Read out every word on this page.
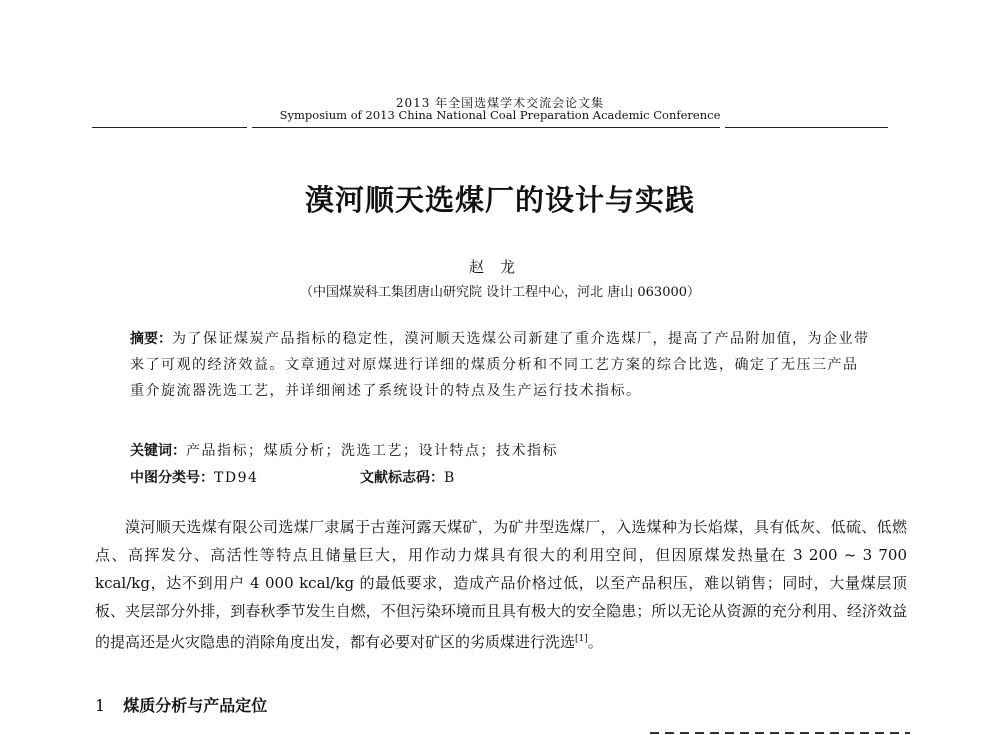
2013 年全国选煤学术交流会论文集
Symposium of 2013 China National Coal Preparation Academic Conference
漠河顺天选煤厂的设计与实践
赵龙
（中国煤炭科工集团唐山研究院 设计工程中心，河北 唐山 063000）
摘要：为了保证煤炭产品指标的稳定性，漠河顺天选煤公司新建了重介选煤厂，提高了产品附加值，为企业带来了可观的经济效益。文章通过对原煤进行详细的煤质分析和不同工艺方案的综合比选，确定了无压三产品重介旋流器洗选工艺，并详细阐述了系统设计的特点及生产运行技术指标。
关键词：产品指标；煤质分析；洗选工艺；设计特点；技术指标
中图分类号：TD94	文献标志码：B
漠河顺天选煤有限公司选煤厂隶属于古莲河露天煤矿，为矿井型选煤厂，入选煤种为长焰煤，具有低灰、低硫、低燃点、高挥发分、高活性等特点且储量巨大，用作动力煤具有很大的利用空间，但因原煤发热量在 3 200 ~ 3 700 kcal/kg，达不到用户 4 000 kcal/kg 的最低要求，造成产品价格过低，以至产品积压，难以销售；同时，大量煤层顶板、夹层部分外排，到春秋季节发生自燃，不但污染环境而且具有极大的安全隐患；所以无论从资源的充分利用、经济效益的提高还是火灾隐患的消除角度出发，都有必要对矿区的劣质煤进行洗选[1]。
1 煤质分析与产品定位
